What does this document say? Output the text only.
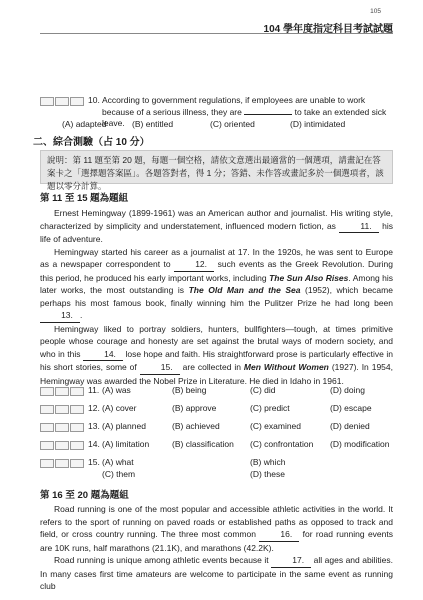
105
104 學年度指定科目考試試題
10. According to government regulations, if employees are unable to work because of a serious illness, they are	to take an extended sick leave.
(A) adapted	(B) entitled	(C) oriented	(D) intimidated
二、綜合測驗（占 10 分）
說明：第 11 題至第 20 題，每題一個空格，請依文意選出最適當的一個選項，請畫記在答案卡之「選擇題答案區」。各題答對者，得 1 分；答錯、未作答或畫記多於一個選項者，該題以零分計算。
第 11 至 15 題為題組

Ernest Hemingway (1899-1961) was an American author and journalist. His writing style, characterized by simplicity and understatement, influenced modern fiction, as	11. his life of adventure.

Hemingway started his career as a journalist at 17. In the 1920s, he was sent to Europe as a newspaper correspondent to	12. such events as the Greek Revolution. During this period, he produced his early important works, including The Sun Also Rises. Among his later works, the most outstanding is The Old Man and the Sea (1952), which became perhaps his most famous book, finally winning him the Pulitzer Prize he had long been 13. .

Hemingway liked to portray soldiers, hunters, bullfighters—tough, at times primitive people whose courage and honesty are set against the brutal ways of modern society, and who in this	14. lose hope and faith. His straightforward prose is particularly effective in his short stories, some of	15. are collected in Men Without Women (1927). In 1954, Hemingway was awarded the Nobel Prize in Literature. He died in Idaho in 1961.

11. (A) was	(B) being	(C) did	(D) doing
12. (A) cover	(B) approve	(C) predict	(D) escape
13. (A) planned	(B) achieved	(C) examined	(D) denied
14. (A) limitation	(B) classification (C) confrontation (D) modification
15. (A) what	(B) which
(C) them	(D) these
第 16 至 20 題為題組

Road running is one of the most popular and accessible athletic activities in the world. It refers to the sport of running on paved roads or established paths as opposed to track and field, or cross country running. The three most common	16. for road running events are 10K runs, half marathons (21.1K), and marathons (42.2K).

Road running is unique among athletic events because it	17. all ages and abilities. In many cases first time amateurs are welcome to participate in the same event as running club
